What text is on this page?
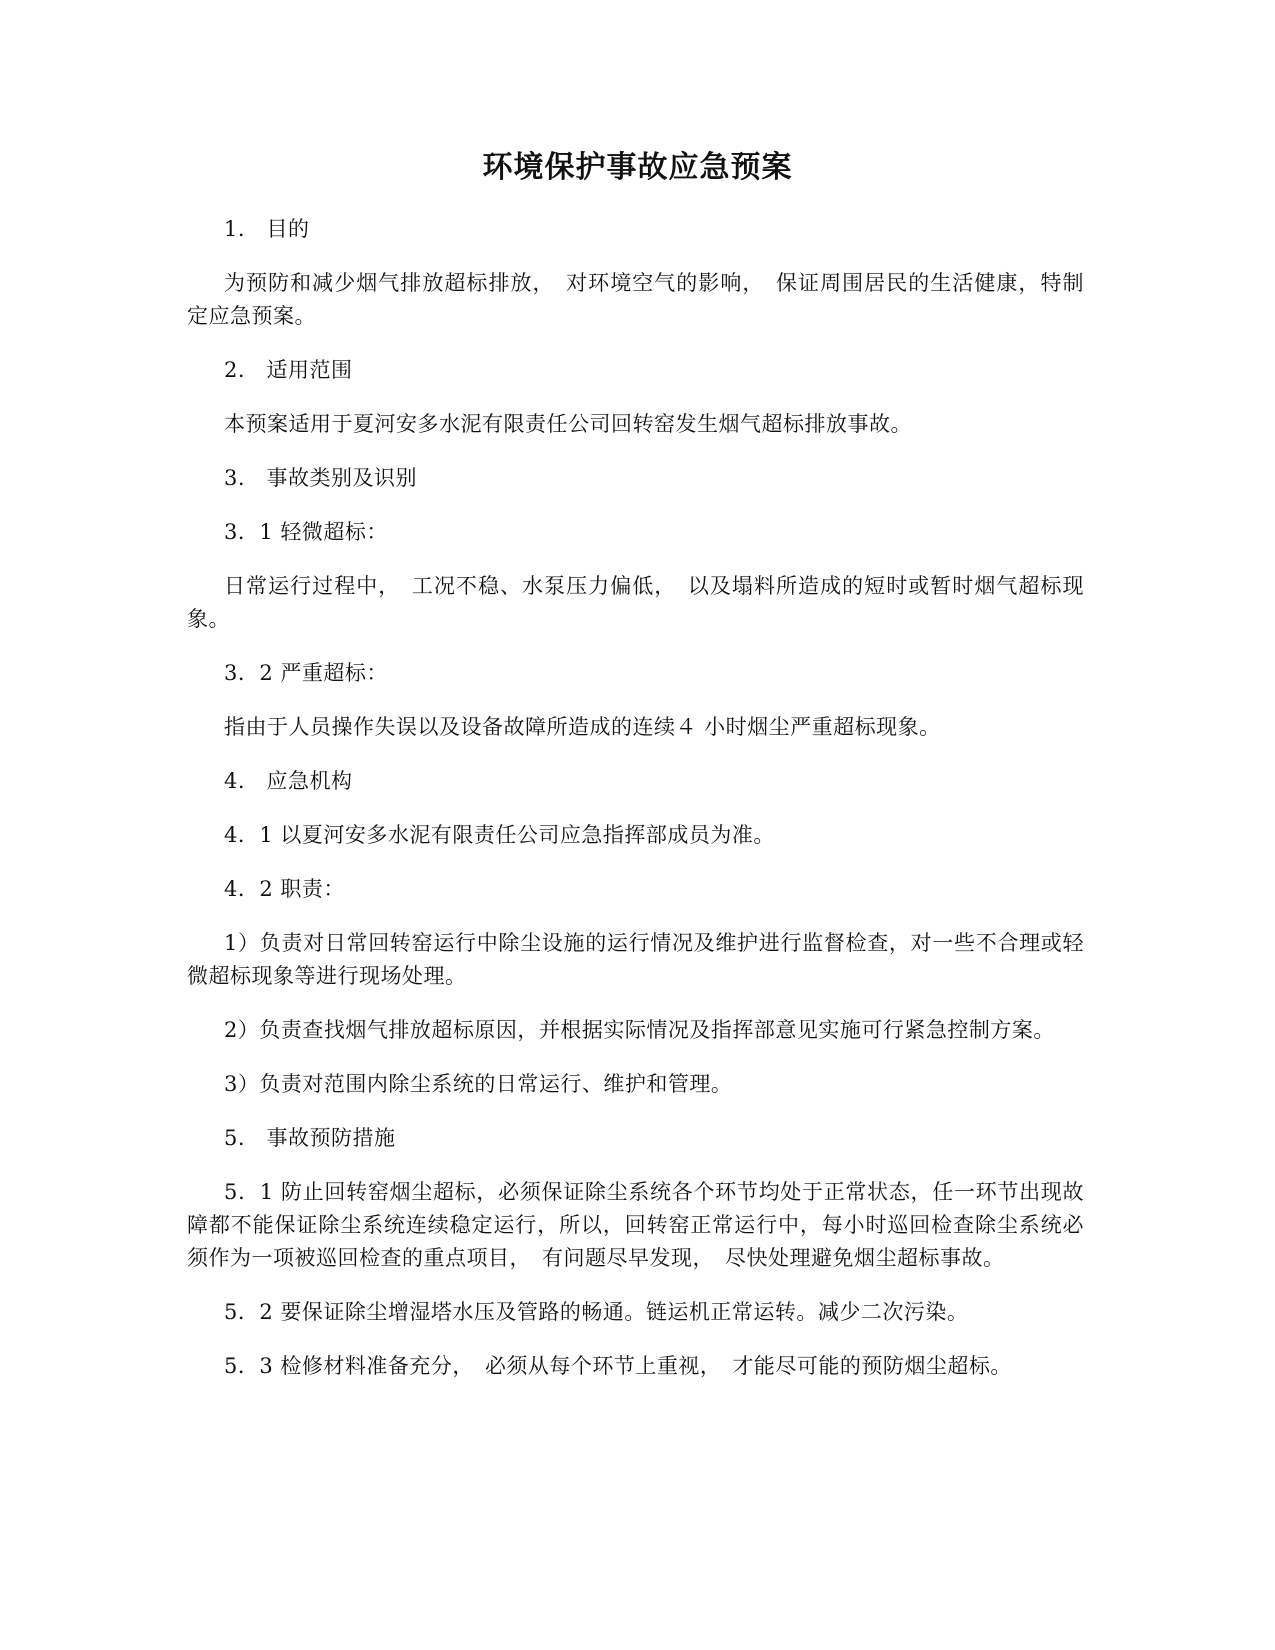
环境保护事故应急预案

1.　目的

为预防和减少烟气排放超标排放，　对环境空气的影响，　保证周围居民的生活健康，特制定应急预案。

2.　适用范围

本预案适用于夏河安多水泥有限责任公司回转窑发生烟气超标排放事故。

3.　事故类别及识别

3．1 轻微超标：

日常运行过程中，　工况不稳、水泵压力偏低，　以及塌料所造成的短时或暂时烟气超标现象。

3．2 严重超标：

指由于人员操作失误以及设备故障所造成的连续４ 小时烟尘严重超标现象。

4.　应急机构

4．1 以夏河安多水泥有限责任公司应急指挥部成员为准。

4．2 职责：

1）负责对日常回转窑运行中除尘设施的运行情况及维护进行监督检查，对一些不合理或轻微超标现象等进行现场处理。

2）负责查找烟气排放超标原因，并根据实际情况及指挥部意见实施可行紧急控制方案。

3）负责对范围内除尘系统的日常运行、维护和管理。

5.　事故预防措施

5．1 防止回转窑烟尘超标，必须保证除尘系统各个环节均处于正常状态，任一环节出现故障都不能保证除尘系统连续稳定运行，所以，回转窑正常运行中，每小时巡回检查除尘系统必须作为一项被巡回检查的重点项目，　有问题尽早发现，　尽快处理避免烟尘超标事故。

5．2 要保证除尘增湿塔水压及管路的畅通。链运机正常运转。减少二次污染。

5．3 检修材料准备充分，　必须从每个环节上重视，　才能尽可能的预防烟尘超标。
